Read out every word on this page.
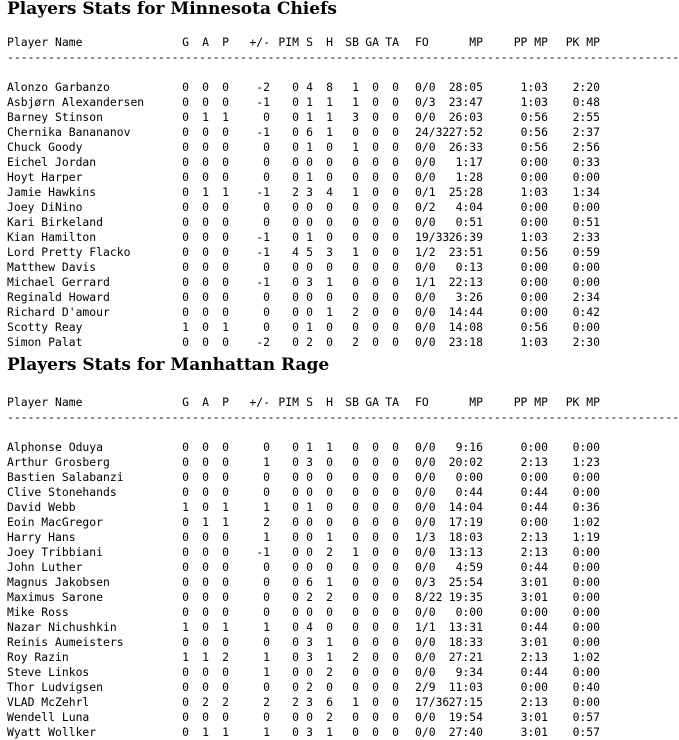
Players Stats for Minnesota Chiefs
Player Name	G A P +/- PIM S H SB GA TA FO	MP	PP MP PK MP
--------------------------------------------------------------------------------------------------
Alonzo Garbanzo	0 0 0 -2 0 4 8 1 0 0 0/0 28:05	1:03 2:20
Asbjørn Alexandersen	0 0 0 -1 0 1 1 1 0 0 0/3 23:47	1:03 0:48
Barney Stinson	0 1 1	0 0 1 1 3 0 0 0/0 26:03	0:56 2:55
Chernika Banananov	0 0 0 -1 0 6 1 0 0 0 24/32 27:52	0:56 2:37
Chuck Goody	0 0 0	0 0 1 0 1 0 0 0/0 26:33	0:56 2:56
Eichel Jordan	0 0 0	0 0 0 0 0 0 0 0/0 1:17	0:00 0:33
Hoyt Harper	0 0 0	0 0 1 0 0 0 0 0/0 1:28	0:00 0:00
Jamie Hawkins	0 1 1 -1 2 3 4 1 0 0 0/1 25:28	1:03 1:34
Joey DiNino	0 0 0	0 0 0 0 0 0 0 0/2 4:04	0:00 0:00
Kari Birkeland	0 0 0	0 0 0 0 0 0 0 0/0 0:51	0:00 0:51
Kian Hamilton	0 0 0 -1 0 1 0 0 0 0 19/33 26:39	1:03 2:33
Lord Pretty Flacko	0 0 0 -1 4 5 3 1 0 0 1/2 23:51	0:56 0:59
Matthew Davis	0 0 0	0 0 0 0 0 0 0 0/0 0:13	0:00 0:00
Michael Gerrard	0 0 0 -1 0 3 1 0 0 0 1/1 22:13	0:00 0:00
Reginald Howard	0 0 0	0 0 0 0 0 0 0 0/0 3:26	0:00 2:34
Richard D'amour	0 0 0	0 0 0 1 2 0 0 0/0 14:44	0:00 0:42
Scotty Reay	1 0 1	0 0 1 0 0 0 0 0/0 14:08	0:56 0:00
Simon Palat	0 0 0 -2 0 2 0 2 0 0 0/0 23:18	1:03 2:30
Players Stats for Manhattan Rage
Player Name	G A P +/- PIM S H SB GA TA FO	MP	PP MP PK MP
--------------------------------------------------------------------------------------------------
Alphonse Oduya	0 0 0	0 0 1 1 0 0 0 0/0 9:16	0:00 0:00
Arthur Grosberg	0 0 0	1 0 3 0 0 0 0 0/0 20:02	2:13 1:23
Bastien Salabanzi	0 0 0	0 0 0 0 0 0 0 0/0 0:00	0:00 0:00
Clive Stonehands	0 0 0	0 0 0 0 0 0 0 0/0 0:44	0:44 0:00
David Webb	1 0 1	1 0 1 0 0 0 0 0/0 14:04	0:44 0:36
Eoin MacGregor	0 1 1	2 0 0 0 0 0 0 0/0 17:19	0:00 1:02
Harry Hans	0 0 0	1 0 0 1 0 0 0 1/3 18:03	2:13 1:19
Joey Tribbiani	0 0 0 -1 0 0 2 1 0 0 0/0 13:13	2:13 0:00
John Luther	0 0 0	0 0 0 0 0 0 0 0/0 4:59	0:44 0:00
Magnus Jakobsen	0 0 0	0 0 6 1 0 0 0 0/3 25:54	3:01 0:00
Maximus Sarone	0 0 0	0 0 2 2 0 0 0 8/22 19:35	3:01 0:00
Mike Ross	0 0 0	0 0 0 0 0 0 0 0/0 0:00	0:00 0:00
Nazar Nichushkin	1 0 1	1 0 4 0 0 0 0 1/1 13:31	0:44 0:00
Reinis Aumeisters	0 0 0	0 0 3 1 0 0 0 0/0 18:33	3:01 0:00
Roy Razin	1 1 2	1 0 3 1 2 0 0 0/0 27:21	2:13 1:02
Steve Linkos	0 0 0	1 0 0 2 0 0 0 0/0 9:34	0:44 0:00
Thor Ludvigsen	0 0 0	0 0 2 0 0 0 0 2/9 11:03	0:00 0:40
VLAD McZehrl	0 2 2	2 2 3 6 1 0 0 17/36 27:15	2:13 0:00
Wendell Luna	0 0 0	0 0 0 2 0 0 0 0/0 19:54	3:01 0:57
Wyatt Wollker	0 1 1	1 0 3 1 0 0 0 0/0 27:40	3:01 0:57
